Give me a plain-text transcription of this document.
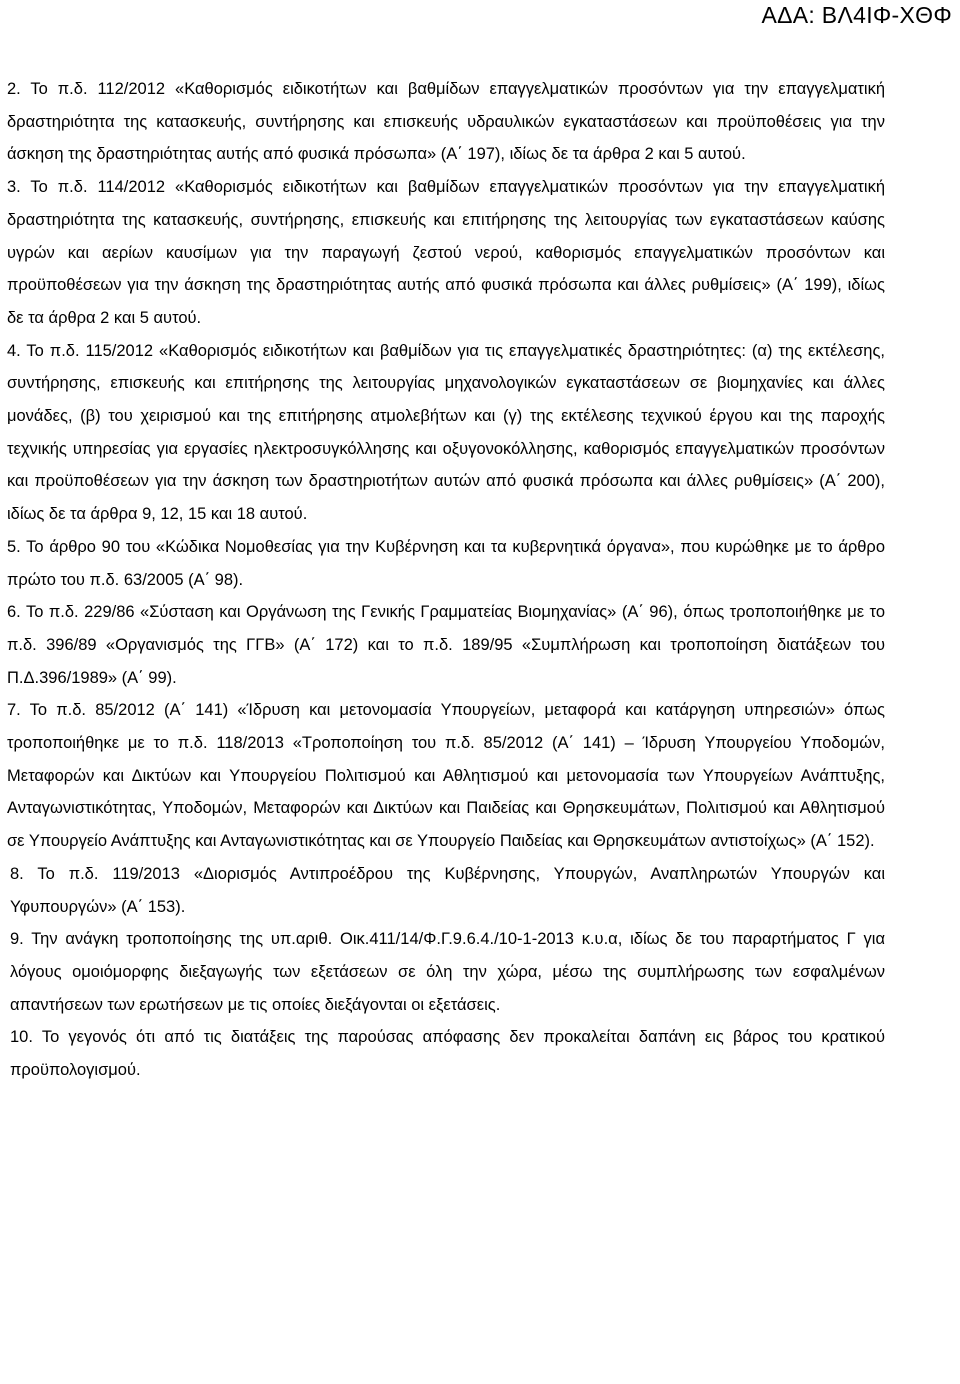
ΑΔΑ: ΒΛ4ΙΦ-ΧΘΦ

2. Το π.δ. 112/2012 «Καθορισμός ειδικοτήτων και βαθμίδων επαγγελματικών προσόντων για την επαγγελματική δραστηριότητα της κατασκευής, συντήρησης και επισκευής υδραυλικών εγκαταστάσεων και προϋποθέσεις για την άσκηση της δραστηριότητας αυτής από φυσικά πρόσωπα» (Α΄ 197), ιδίως δε τα άρθρα 2 και 5 αυτού.

3. Το π.δ. 114/2012 «Καθορισμός ειδικοτήτων και βαθμίδων επαγγελματικών προσόντων για την επαγγελματική δραστηριότητα της κατασκευής, συντήρησης, επισκευής και επιτήρησης της λειτουργίας των εγκαταστάσεων καύσης υγρών και αερίων καυσίμων για την παραγωγή ζεστού νερού, καθορισμός επαγγελματικών προσόντων και προϋποθέσεων για την άσκηση της δραστηριότητας αυτής από φυσικά πρόσωπα και άλλες ρυθμίσεις» (Α΄ 199), ιδίως δε τα άρθρα 2 και 5 αυτού.

4. Το π.δ. 115/2012 «Καθορισμός ειδικοτήτων και βαθμίδων για τις επαγγελματικές δραστηριότητες: (α) της εκτέλεσης, συντήρησης, επισκευής και επιτήρησης της λειτουργίας μηχανολογικών εγκαταστάσεων σε βιομηχανίες και άλλες μονάδες, (β) του χειρισμού και της επιτήρησης ατμολεβήτων και (γ) της εκτέλεσης τεχνικού έργου και της παροχής τεχνικής υπηρεσίας για εργασίες ηλεκτροσυγκόλλησης και οξυγονοκόλλησης, καθορισμός επαγγελματικών προσόντων και προϋποθέσεων για την άσκηση των δραστηριοτήτων αυτών από φυσικά πρόσωπα και άλλες ρυθμίσεις» (Α΄ 200), ιδίως δε τα άρθρα 9, 12, 15 και 18 αυτού.

5. Το άρθρο 90 του «Κώδικα Νομοθεσίας για την Κυβέρνηση και τα κυβερνητικά όργανα», που κυρώθηκε με το άρθρο πρώτο του π.δ. 63/2005 (Α΄ 98).

6. Το π.δ. 229/86 «Σύσταση και Οργάνωση της Γενικής Γραμματείας Βιομηχανίας» (Α΄ 96), όπως τροποποιήθηκε με το π.δ. 396/89 «Οργανισμός της ΓΓΒ» (Α΄ 172) και το π.δ. 189/95 «Συμπλήρωση και τροποποίηση διατάξεων του Π.Δ.396/1989» (Α΄ 99).

7. Το π.δ. 85/2012 (Α΄ 141) «Ίδρυση και μετονομασία Υπουργείων, μεταφορά και κατάργηση υπηρεσιών» όπως τροποποιήθηκε με το π.δ. 118/2013 «Τροποποίηση του π.δ. 85/2012 (Α΄ 141) – Ίδρυση Υπουργείου Υποδομών, Μεταφορών και Δικτύων και Υπουργείου Πολιτισμού και Αθλητισμού και μετονομασία των Υπουργείων Ανάπτυξης, Ανταγωνιστικότητας, Υποδομών, Μεταφορών και Δικτύων και Παιδείας και Θρησκευμάτων, Πολιτισμού και Αθλητισμού σε Υπουργείο Ανάπτυξης και Ανταγωνιστικότητας και σε Υπουργείο Παιδείας και Θρησκευμάτων αντιστοίχως» (Α΄ 152).

8. Το π.δ. 119/2013 «Διορισμός Αντιπροέδρου της Κυβέρνησης, Υπουργών, Αναπληρωτών Υπουργών και Υφυπουργών» (Α΄ 153).

9. Την ανάγκη τροποποίησης της υπ.αριθ. Οικ.411/14/Φ.Γ.9.6.4./10-1-2013 κ.υ.α, ιδίως δε του παραρτήματος Γ για λόγους ομοιόμορφης διεξαγωγής των εξετάσεων σε όλη την χώρα, μέσω της συμπλήρωσης των εσφαλμένων απαντήσεων των ερωτήσεων με τις οποίες διεξάγονται οι εξετάσεις.

10. Το γεγονός ότι από τις διατάξεις της παρούσας απόφασης δεν προκαλείται δαπάνη εις βάρος του κρατικού προϋπολογισμού.
